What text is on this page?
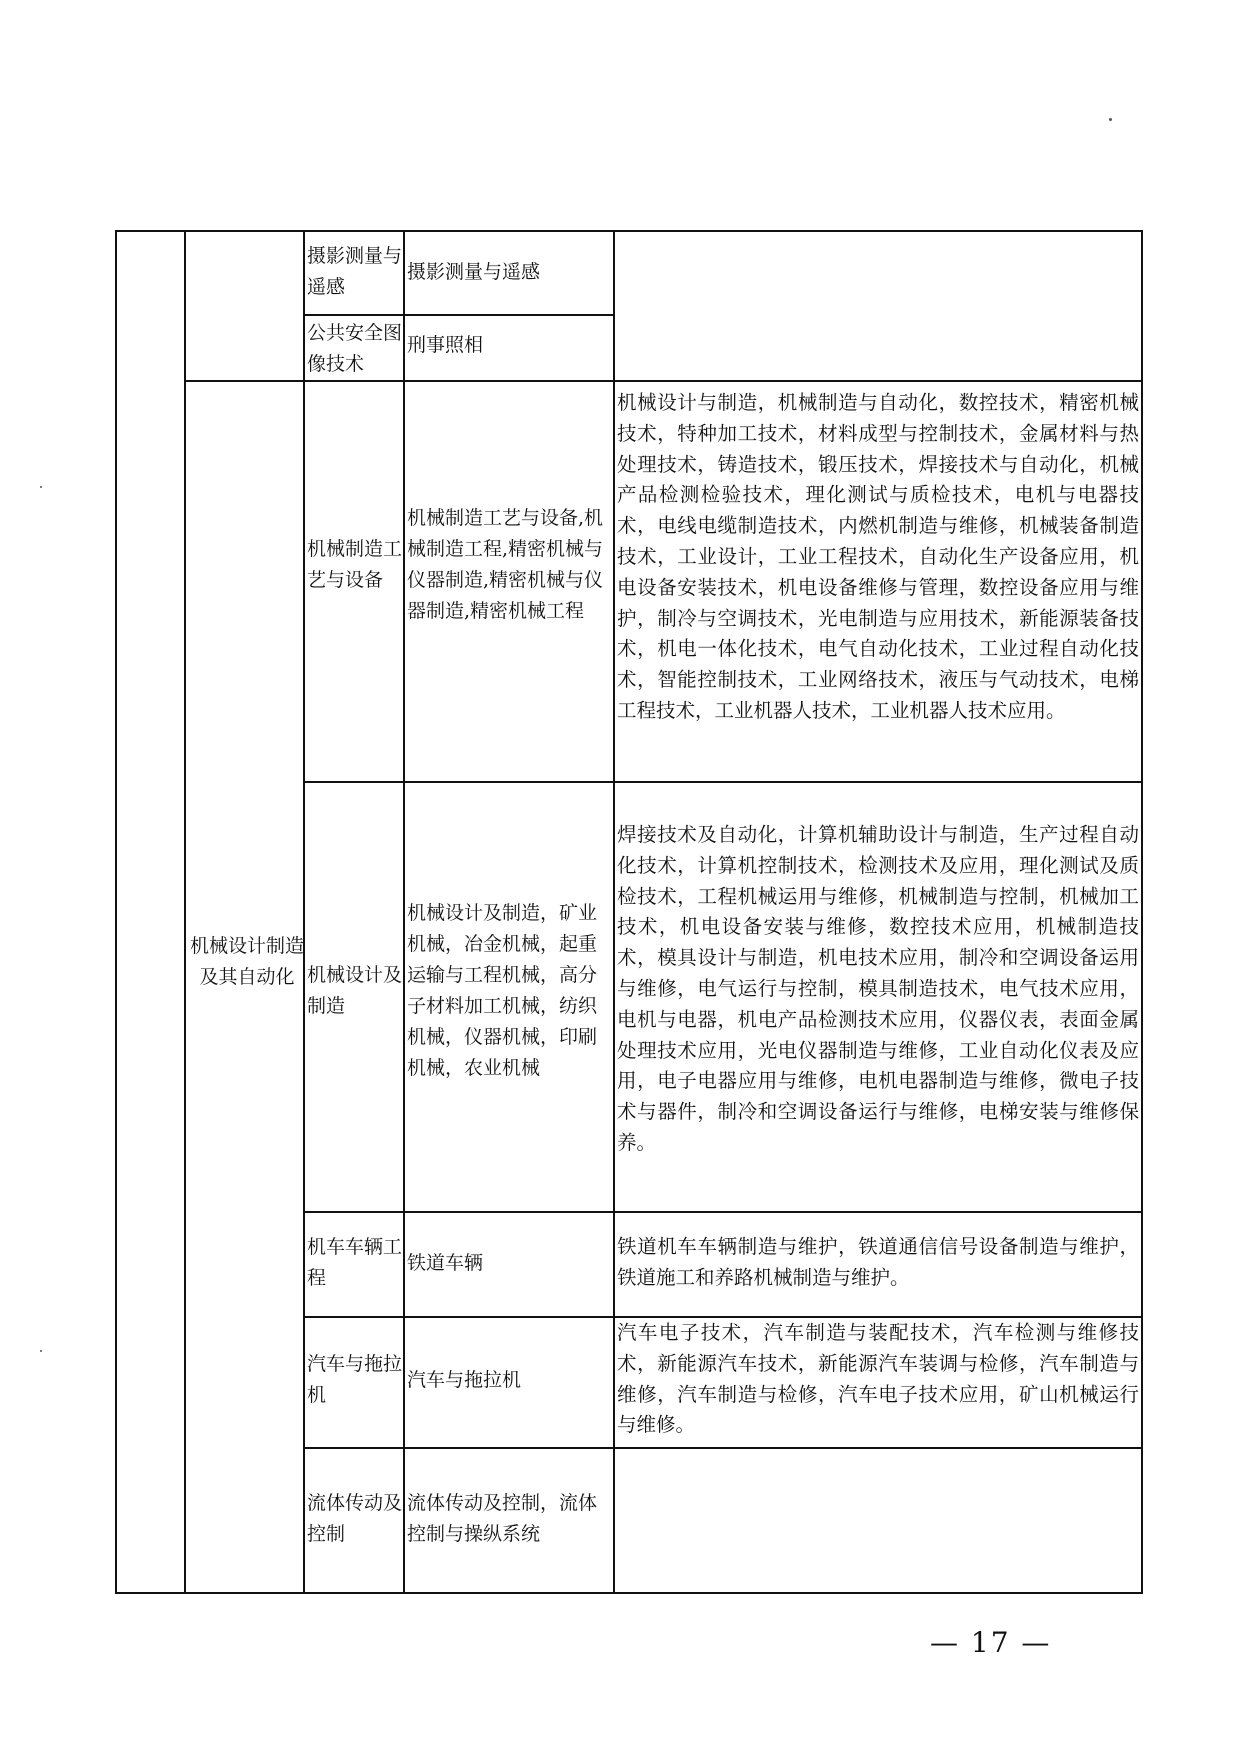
摄影测量与遥感
摄影测量与遥感
公共安全图像技术
刑事照相
机械设计制造及其自动化
机械制造工艺与设备
机械制造工艺与设备,机械制造工程,精密机械与仪器制造,精密机械与仪器制造,精密机械工程
机械设计与制造，机械制造与自动化，数控技术，精密机械技术，特种加工技术，材料成型与控制技术，金属材料与热处理技术，铸造技术，锻压技术，焊接技术与自动化，机械产品检测检验技术，理化测试与质检技术，电机与电器技术，电线电缆制造技术，内燃机制造与维修，机械装备制造技术，工业设计，工业工程技术，自动化生产设备应用，机电设备安装技术，机电设备维修与管理，数控设备应用与维护，制冷与空调技术，光电制造与应用技术，新能源装备技术，机电一体化技术，电气自动化技术，工业过程自动化技术，智能控制技术，工业网络技术，液压与气动技术，电梯工程技术，工业机器人技术，工业机器人技术应用。
机械设计及制造
机械设计及制造，矿业机械，冶金机械，起重运输与工程机械，高分子材料加工机械，纺织机械，仪器机械，印刷机械，农业机械
焊接技术及自动化，计算机辅助设计与制造，生产过程自动化技术，计算机控制技术，检测技术及应用，理化测试及质检技术，工程机械运用与维修，机械制造与控制，机械加工技术，机电设备安装与维修，数控技术应用，机械制造技术，模具设计与制造，机电技术应用，制冷和空调设备运用与维修，电气运行与控制，模具制造技术，电气技术应用，电机与电器，机电产品检测技术应用，仪器仪表，表面金属处理技术应用，光电仪器制造与维修，工业自动化仪表及应用，电子电器应用与维修，电机电器制造与维修，微电子技术与器件，制冷和空调设备运行与维修，电梯安装与维修保养。
机车车辆工程
铁道车辆
铁道机车车辆制造与维护，铁道通信信号设备制造与维护，铁道施工和养路机械制造与维护。
汽车与拖拉机
汽车与拖拉机
汽车电子技术，汽车制造与装配技术，汽车检测与维修技术，新能源汽车技术，新能源汽车装调与检修，汽车制造与维修，汽车制造与检修，汽车电子技术应用，矿山机械运行与维修。
流体传动及控制
流体传动及控制，流体控制与操纵系统
— 17 —
